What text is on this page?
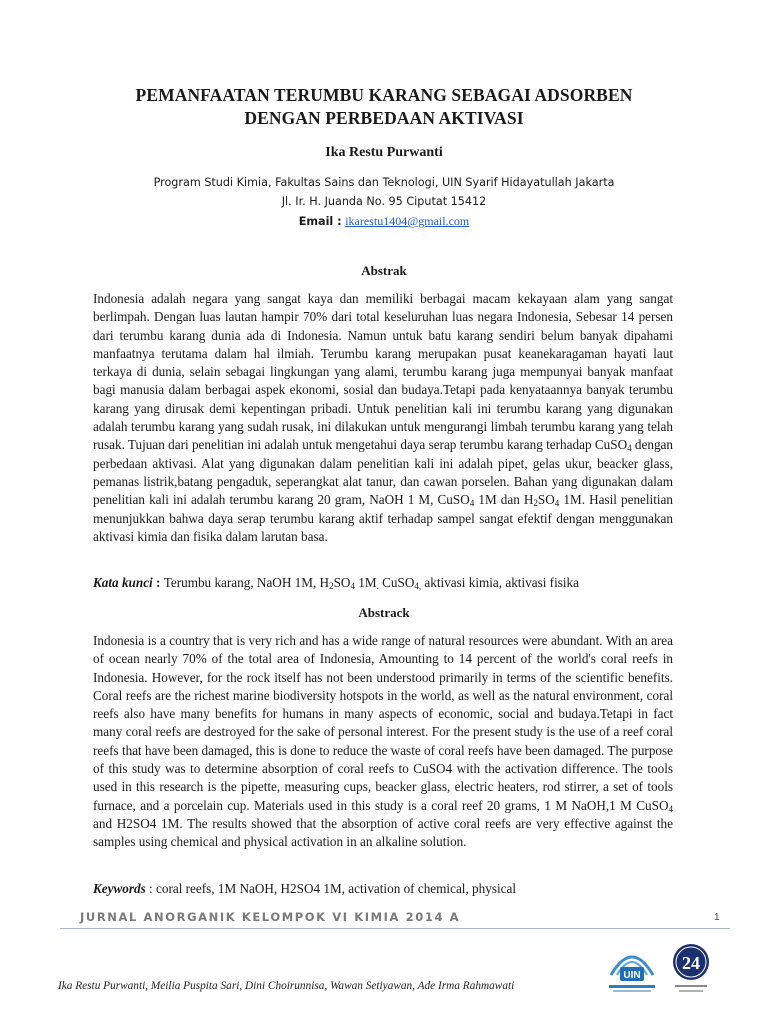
PEMANFAATAN TERUMBU KARANG SEBAGAI ADSORBEN
DENGAN PERBEDAAN AKTIVASI
Ika Restu Purwanti
Program Studi Kimia, Fakultas Sains dan Teknologi, UIN Syarif Hidayatullah Jakarta
Jl. Ir. H. Juanda No. 95 Ciputat 15412
Email : ikarestu1404@gmail.com
Abstrak
Indonesia adalah negara yang sangat kaya dan memiliki berbagai macam kekayaan alam yang sangat berlimpah. Dengan luas lautan hampir 70% dari total keseluruhan luas negara Indonesia, Sebesar 14 persen dari terumbu karang dunia ada di Indonesia. Namun untuk batu karang sendiri belum banyak dipahami manfaatnya terutama dalam hal ilmiah. Terumbu karang merupakan pusat keanekaragaman hayati laut terkaya di dunia, selain sebagai lingkungan yang alami, terumbu karang juga mempunyai banyak manfaat bagi manusia dalam berbagai aspek ekonomi, sosial dan budaya.Tetapi pada kenyataannya banyak terumbu karang yang dirusak demi kepentingan pribadi. Untuk penelitian kali ini terumbu karang yang digunakan adalah terumbu karang yang sudah rusak, ini dilakukan untuk mengurangi limbah terumbu karang yang telah rusak. Tujuan dari penelitian ini adalah untuk mengetahui daya serap terumbu karang terhadap CuSO$_4$ dengan perbedaan aktivasi. Alat yang digunakan dalam penelitian kali ini adalah pipet, gelas ukur, beacker glass, pemanas listrik,batang pengaduk, seperangkat alat tanur, dan cawan porselen. Bahan yang digunakan dalam penelitian kali ini adalah terumbu karang 20 gram, NaOH 1 M, CuSO$_4$ 1M dan $H_2SO_4$ 1M. Hasil penelitian menunjukkan bahwa daya serap terumbu karang aktif terhadap sampel sangat efektif dengan menggunakan aktivasi kimia dan fisika dalam larutan basa.
Kata kunci : Terumbu karang, NaOH 1M, $H_2SO_4$ $1M_.$ CuSO$_{4,}$ aktivasi kimia, aktivasi fisika
Abstrack
Indonesia is a country that is very rich and has a wide range of natural resources were abundant. With an area of ocean nearly 70% of the total area of Indonesia, Amounting to 14 percent of the world's coral reefs in Indonesia. However, for the rock itself has not been understood primarily in terms of the scientific benefits. Coral reefs are the richest marine biodiversity hotspots in the world, as well as the natural environment, coral reefs also have many benefits for humans in many aspects of economic, social and budaya.Tetapi in fact many coral reefs are destroyed for the sake of personal interest. For the present study is the use of a reef coral reefs that have been damaged, this is done to reduce the waste of coral reefs have been damaged. The purpose of this study was to determine absorption of coral reefs to CuSO4 with the activation difference. The tools used in this research is the pipette, measuring cups, beacker glass, electric heaters, rod stirrer, a set of tools furnace, and a porcelain cup. Materials used in this study is a coral reef 20 grams, 1 M NaOH,1 M CuSO$_4$ and H2SO4 1M. The results showed that the absorption of active coral reefs are very effective against the samples using chemical and physical activation in an alkaline solution.
Keywords : coral reefs, 1M NaOH, H2SO4 1M, activation of chemical, physical
JURNAL ANORGANIK KELOMPOK VI KIMIA 2014 A	1
Ika Restu Purwanti, Meilia Puspita Sari, Dini Choirunnisa, Wawan Setiyawan, Ade Irma Rahmawati
UIN
24
